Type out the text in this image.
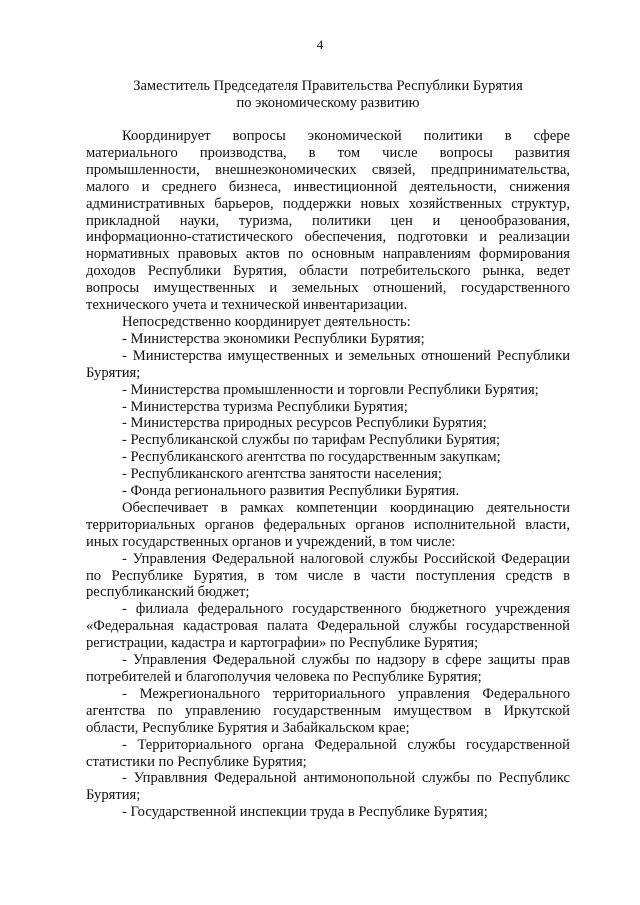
4
Заместитель Председателя Правительства Республики Бурятия
по экономическому развитию

Координирует вопросы экономической политики в сфере материального производства, в том числе вопросы развития промышленности, внешнеэкономических связей, предпринимательства, малого и среднего бизнеса, инвестиционной деятельности, снижения административных барьеров, поддержки новых хозяйственных структур, прикладной науки, туризма, политики цен и ценообразования, информационно-статистического обеспечения, подготовки и реализации нормативных правовых актов по основным направлениям формирования доходов Республики Бурятия, области потребительского рынка, ведет вопросы имущественных и земельных отношений, государственного технического учета и технической инвентаризации.

Непосредственно координирует деятельность:

- Министерства экономики Республики Бурятия;

- Министерства имущественных и земельных отношений Республики Бурятия;

- Министерства промышленности и торговли Республики Бурятия;

- Министерства туризма Республики Бурятия;

- Министерства природных ресурсов Республики Бурятия;

- Республиканской службы по тарифам Республики Бурятия;

- Республиканского агентства по государственным закупкам;

- Республиканского агентства занятости населения;

- Фонда регионального развития Республики Бурятия.

Обеспечивает в рамках компетенции координацию деятельности территориальных органов федеральных органов исполнительной власти, иных государственных органов и учреждений, в том числе:

- Управления Федеральной налоговой службы Российской Федерации по Республике Бурятия, в том числе в части поступления средств в республиканский бюджет;

- филиала федерального государственного бюджетного учреждения «Федеральная кадастровая палата Федеральной службы государственной регистрации, кадастра и картографии» по Республике Бурятия;

- Управления Федеральной службы по надзору в сфере защиты прав потребителей и благополучия человека по Республике Бурятия;

- Межрегионального территориального управления Федерального агентства по управлению государственным имуществом в Иркутской области, Республике Бурятия и Забайкальском крае;

- Территориального органа Федеральной службы государственной статистики по Республике Бурятия;

- Управлвния Федеральной антимонопольной службы по Республикс Бурятия;

- Государственной инспекции труда в Республике Бурятия;
